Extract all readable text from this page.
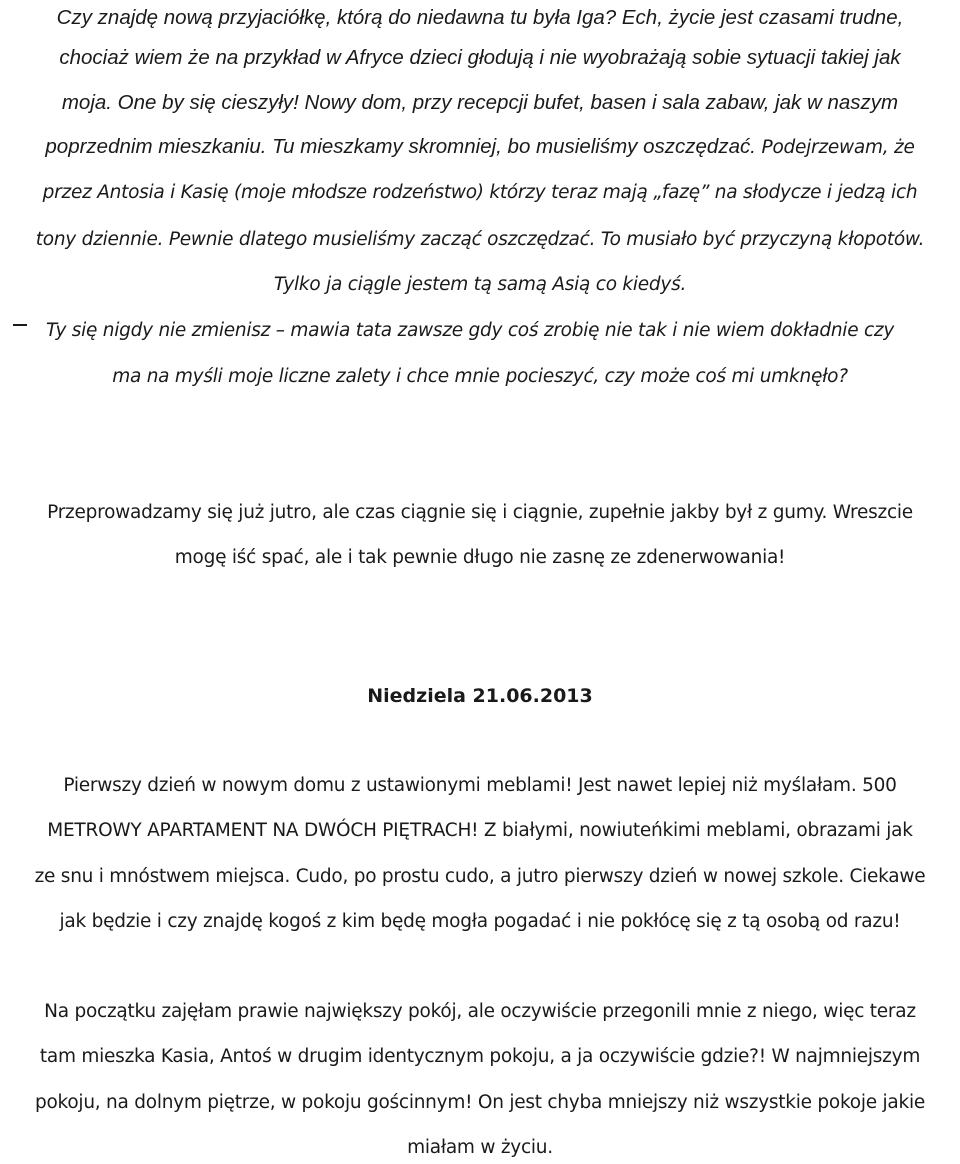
Czy znajdę nową przyjaciółkę, którą do niedawna tu była Iga? Ech, życie jest czasami trudne,
chociaż wiem że na przykład w Afryce dzieci głodują i nie wyobrażają sobie sytuacji takiej jak
moja. One by się cieszyły! Nowy dom, przy recepcji bufet, basen i sala zabaw, jak w naszym
poprzednim mieszkaniu. Tu mieszkamy skromniej, bo musieliśmy oszczędzać. Podejrzewam, że
przez Antosia i Kasię (moje młodsze rodzeństwo) którzy teraz mają „fazę” na słodycze i jedzą ich
tony dziennie. Pewnie dlatego musieliśmy zacząć oszczędzać. To musiało być przyczyną kłopotów.
Tylko ja ciągle jestem tą samą Asią co kiedyś.
Ty się nigdy nie zmienisz – mawia tata zawsze gdy coś zrobię nie tak i nie wiem dokładnie czy
ma na myśli moje liczne zalety i chce mnie pocieszyć, czy może coś mi umknęło?
Przeprowadzamy się już jutro, ale czas ciągnie się i ciągnie, zupełnie jakby był z gumy. Wreszcie
mogę iść spać, ale i tak pewnie długo nie zasnę ze zdenerwowania!
Niedziela 21.06.2013
Pierwszy dzień w nowym domu z ustawionymi meblami! Jest nawet lepiej niż myślałam. 500
METROWY APARTAMENT NA DWÓCH PIĘTRACH! Z białymi, nowiuteńkimi meblami, obrazami jak
ze snu i mnóstwem miejsca. Cudo, po prostu cudo, a jutro pierwszy dzień w nowej szkole. Ciekawe
jak będzie i czy znajdę kogoś z kim będę mogła pogadać i nie pokłócę się z tą osobą od razu!
Na początku zajęłam prawie największy pokój, ale oczywiście przegonili mnie z niego, więc teraz
tam mieszka Kasia, Antoś w drugim identycznym pokoju, a ja oczywiście gdzie?! W najmniejszym
pokoju, na dolnym piętrze, w pokoju gościnnym! On jest chyba mniejszy niż wszystkie pokoje jakie
miałam w życiu.
